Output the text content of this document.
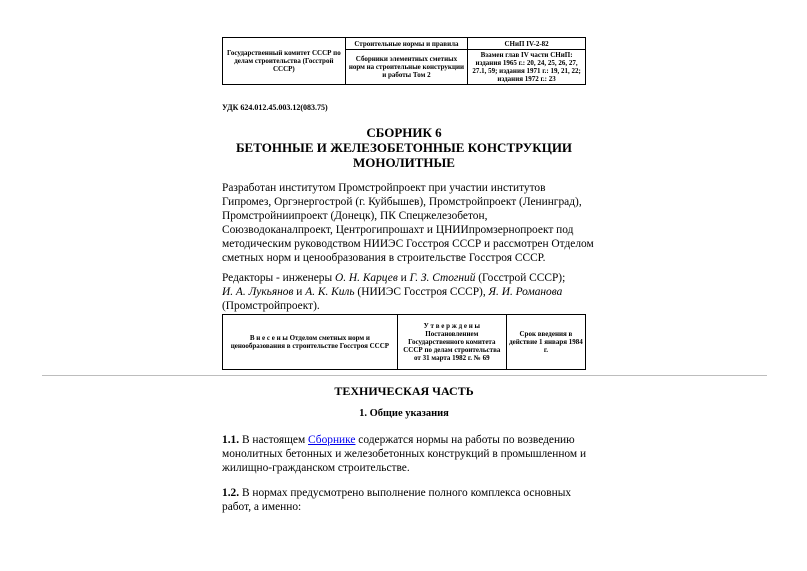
Государственный комитет СССР по делам строительства (Госстрой СССР)	Строительные нормы и правила	СНиП IV-2-82
	Сборники элементных сметных норм на строительные конструкции и работы Том 2	Взамен глав IV части СНиП: издания 1965 г.: 20, 24, 25, 26, 27, 27.1, 59; издания 1971 г.: 19, 21, 22; издания 1972 г.: 23
УДК 624.012.45.003.12(083.75)
СБОРНИК 6
БЕТОННЫЕ И ЖЕЛЕЗОБЕТОННЫЕ КОНСТРУКЦИИ
МОНОЛИТНЫЕ
Разработан институтом Промстройпроект при участии институтов Гипромез, Оргэнергострой (г. Куйбышев), Промстройпроект (Ленинград), Промстройниипроект (Донецк), ПК Спецжелезобетон, Союзводоканалпроект, Центрогипрошахт и ЦНИИпромзернопроект под методическим руководством НИИЭС Госстроя СССР и рассмотрен Отделом сметных норм и ценообразования в строительстве Госстроя СССР.
Редакторы - инженеры О. Н. Карцев и Г. З. Стогний (Госстрой СССР);
И. А. Лукьянов и А. К. Киль (НИИЭС Госстроя СССР), Я. И. Романова
(Промстройпроект).
В н е с е н ы Отделом сметных норм и ценообразования в строительстве Госстроя СССР	У т в е р ж д е н ы Постановлением Государственного комитета СССР по делам строительства от 31 марта 1982 г. № 69	Срок введения в действие 1 января 1984 г.
ТЕХНИЧЕСКАЯ ЧАСТЬ
1. Общие указания
1.1. В настоящем Сборнике содержатся нормы на работы по возведению монолитных бетонных и железобетонных конструкций в промышленном и жилищно-гражданском строительстве.
1.2. В нормах предусмотрено выполнение полного комплекса основных работ, а именно:
